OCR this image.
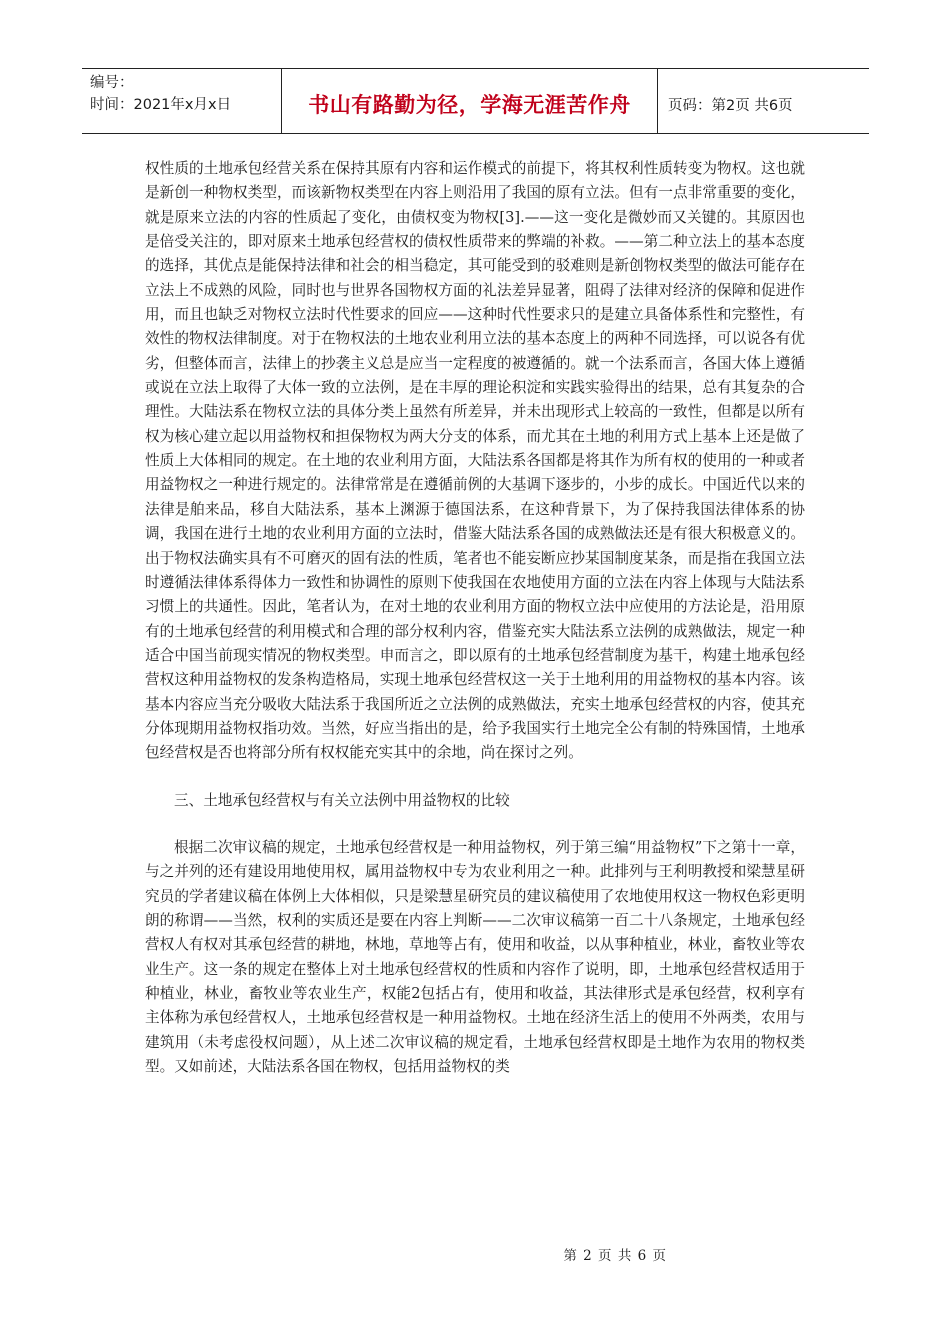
编号：
时间：2021年x月x日	书山有路勤为径，学海无涯苦作舟	页码：第2页 共6页

权性质的土地承包经营关系在保持其原有内容和运作模式的前提下，将其权利性质转变为物权。这也就是新创一种物权类型，而该新物权类型在内容上则沿用了我国的原有立法。但有一点非常重要的变化，就是原来立法的内容的性质起了变化，由债权变为物权[3].——这一变化是微妙而又关键的。其原因也是倍受关注的，即对原来土地承包经营权的债权性质带来的弊端的补救。——第二种立法上的基本态度的选择，其优点是能保持法律和社会的相当稳定，其可能受到的驳难则是新创物权类型的做法可能存在立法上不成熟的风险，同时也与世界各国物权方面的礼法差异显著，阻碍了法律对经济的保障和促进作用，而且也缺乏对物权立法时代性要求的回应——这种时代性要求只的是建立具备体系性和完整性，有效性的物权法律制度。对于在物权法的土地农业利用立法的基本态度上的两种不同选择，可以说各有优劣，但整体而言，法律上的抄袭主义总是应当一定程度的被遵循的。就一个法系而言，各国大体上遵循或说在立法上取得了大体一致的立法例，是在丰厚的理论积淀和实践实验得出的结果，总有其复杂的合理性。大陆法系在物权立法的具体分类上虽然有所差异，并未出现形式上较高的一致性，但都是以所有权为核心建立起以用益物权和担保物权为两大分支的体系，而尤其在土地的利用方式上基本上还是做了性质上大体相同的规定。在土地的农业利用方面，大陆法系各国都是将其作为所有权的使用的一种或者用益物权之一种进行规定的。法律常常是在遵循前例的大基调下逐步的，小步的成长。中国近代以来的法律是舶来品，移自大陆法系，基本上渊源于德国法系，在这种背景下，为了保持我国法律体系的协调，我国在进行土地的农业利用方面的立法时，借鉴大陆法系各国的成熟做法还是有很大积极意义的。出于物权法确实具有不可磨灭的固有法的性质，笔者也不能妄断应抄某国制度某条，而是指在我国立法时遵循法律体系得体力一致性和协调性的原则下使我国在农地使用方面的立法在内容上体现与大陆法系习惯上的共通性。因此，笔者认为，在对土地的农业利用方面的物权立法中应使用的方法论是，沿用原有的土地承包经营的利用模式和合理的部分权利内容，借鉴充实大陆法系立法例的成熟做法，规定一种适合中国当前现实情况的物权类型。申而言之，即以原有的土地承包经营制度为基干，构建土地承包经营权这种用益物权的发条构造格局，实现土地承包经营权这一关于土地利用的用益物权的基本内容。该基本内容应当充分吸收大陆法系于我国所近之立法例的成熟做法，充实土地承包经营权的内容，使其充分体现期用益物权指功效。当然，好应当指出的是，给予我国实行土地完全公有制的特殊国情，土地承包经营权是否也将部分所有权权能充实其中的余地，尚在探讨之列。

三、土地承包经营权与有关立法例中用益物权的比较

根据二次审议稿的规定，土地承包经营权是一种用益物权，列于第三编“用益物权”下之第十一章，与之并列的还有建设用地使用权，属用益物权中专为农业利用之一种。此排列与王利明教授和梁慧星研究员的学者建议稿在体例上大体相似，只是梁慧星研究员的建议稿使用了农地使用权这一物权色彩更明朗的称谓——当然，权利的实质还是要在内容上判断——二次审议稿第一百二十八条规定，土地承包经营权人有权对其承包经营的耕地，林地，草地等占有，使用和收益，以从事种植业，林业，畜牧业等农业生产。这一条的规定在整体上对土地承包经营权的性质和内容作了说明，即，土地承包经营权适用于种植业，林业，畜牧业等农业生产，权能2包括占有，使用和收益，其法律形式是承包经营，权利享有主体称为承包经营权人，土地承包经营权是一种用益物权。土地在经济生活上的使用不外两类，农用与建筑用（未考虑役权问题），从上述二次审议稿的规定看，土地承包经营权即是土地作为农用的物权类型。又如前述，大陆法系各国在物权，包括用益物权的类

第 2 页 共 6 页
